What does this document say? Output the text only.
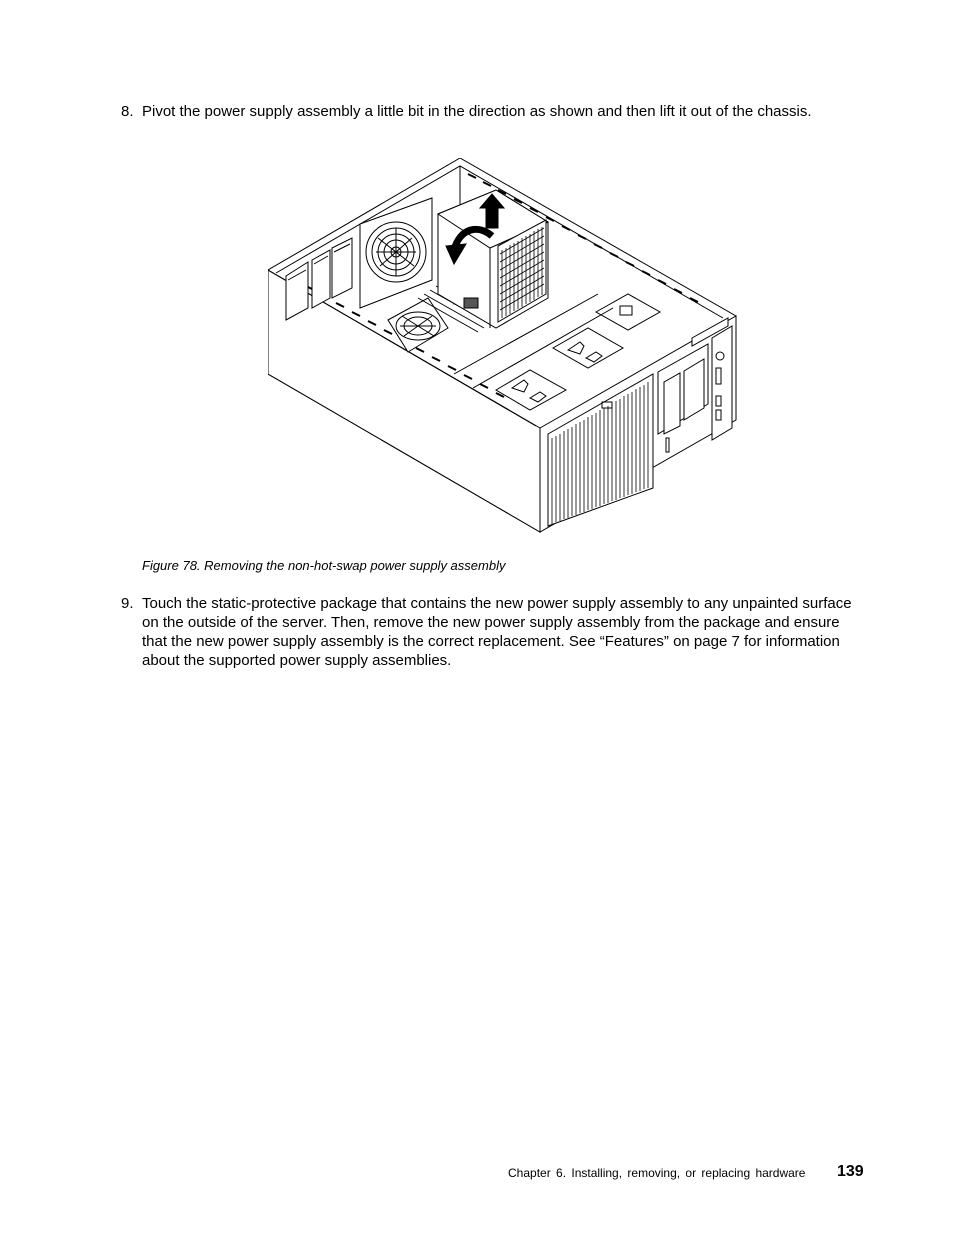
8. Pivot the power supply assembly a little bit in the direction as shown and then lift it out of the chassis.
Figure 78. Removing the non-hot-swap power supply assembly
9. Touch the static-protective package that contains the new power supply assembly to any unpainted surface on the outside of the server. Then, remove the new power supply assembly from the package and ensure that the new power supply assembly is the correct replacement. See “Features” on page 7 for information about the supported power supply assemblies.
Chapter 6. Installing, removing, or replacing hardware 139
